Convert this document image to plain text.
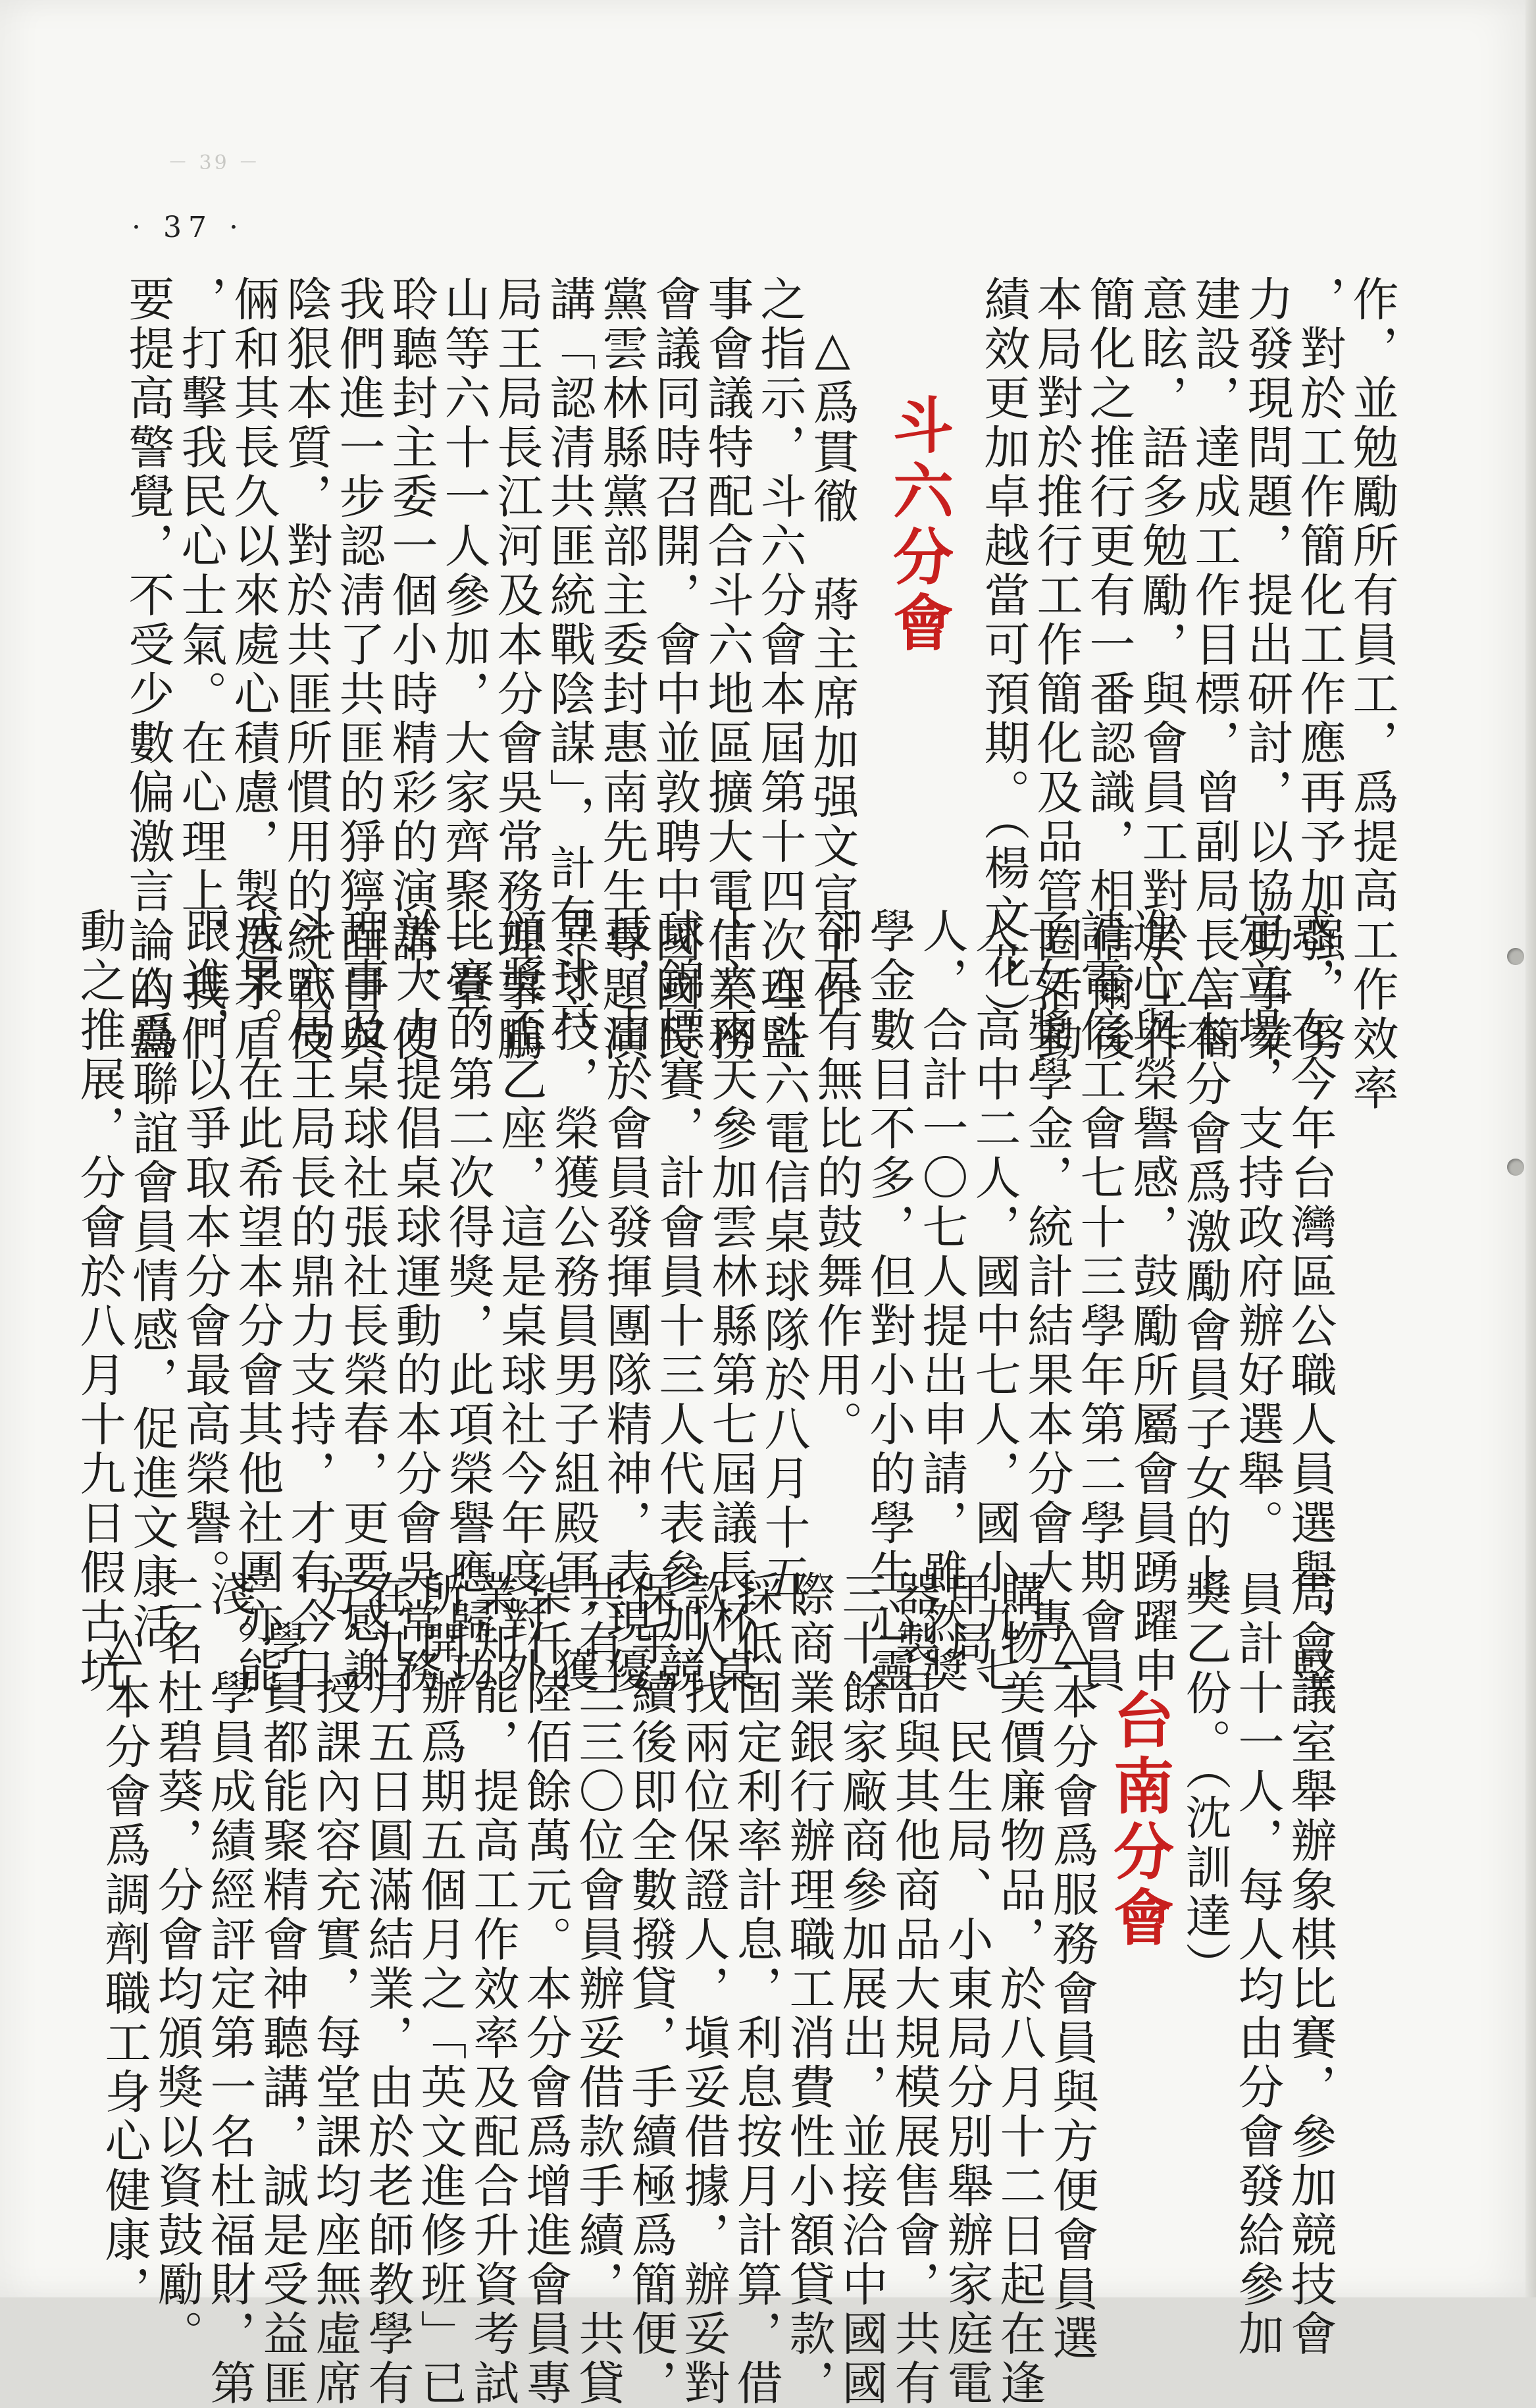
－ 39 －
· 37 ·
要提高警覺，不受少數偏激言論的蠱
，打擊我民心士氣。在心理上，我們
倆和其長久以來處心積慮，製造矛盾
陰狠本質，對於共匪所慣用的統戰伎
我們進一步認淸了共匪的猙獰面目與
聆聽封主委一個小時精彩的演講，使
山等六十一人參加，大家齊聚一堂，
局王局長江河及本分會吳常務理事鵬
講「認清共匪統戰陰謀」，計有斗六
黨雲林縣黨部主委封惠南先生專題演
會議同時召開，會中並敦聘中國國民
事會議特配合斗六地區擴大電信業務
之指示，斗六分會本屆第十四次理監
△爲貫徹　蔣主席加强文宣工作 斗六分會 績效更加卓越當可預期。（楊文花）
本局對於推行工作簡化及品管圈活動
簡化之推行更有一番認識，相信爾後
意眩，語多勉勵，與會員工對於工作
建設，達成工作目標，曾副局長言簡
力發現問題，提出研討，以協助事業
，對於工作簡化工作應再予加强，努
作，並勉勵所有員工，爲提高工作效率
動之推展，分會於八月十九日假古坑
△爲聯誼會員情感，促進文康活
跟進，以爭取本分會最高榮譽。
成果。在此希望本分會其他社團亦能
斗六局王局長的鼎力支持，才有今日
理事及桌球社張社長榮春，更要感謝
於大力提倡桌球運動的本分會吳常務
比賽的第二次得獎，此項榮譽應歸功
頒獎盃乙座，這是桌球社今年度對外
異球技，榮獲公務員男子組殿軍，獲
技，由於會員發揮團隊精神，表現優
球錦標賽，計會員十三人代表參加競
十六兩天參加雲林縣第七屆議長杯桌
△斗六電信桌球隊於八月十五、
卻具有無比的鼓舞作用。
學金數目不多，但對小小的學生心靈
人，合計一〇七人提出申請，雖然獎
人，高中二人，國中七人，國小九七
子女獎學金，統計結果本分會大專一
請電信工會七十三學年第二學期會員
進心與榮譽感，鼓勵所屬會員踴躍申
△本分會爲激勵會員子女的上
定立場，支持政府辦好選舉。
惑，在今年台灣區公職人員選舉，堅
△本分會爲調劑職工身心健康，
二名杜碧葵，分會均頒獎以資鼓勵。
淺。學員成績經評定第一名杜福財，第
，學員都能聚精會神聽講，誠是受益匪
方，授課內容充實，每堂課均座無虛席
在九月五日圓滿結業，由於老師教學有
所開辦爲期五個月之「英文進修班」已
業知能，提高工作效率及配合升資考試
柒仟陸佰餘萬元。本分會爲增進會員專
共有三三〇位會員辦妥借款手續，共貸
保手續後即全數撥貸，手續極爲簡便，
款人找兩位保證人，塡妥借據，辦妥對
採低固定利率計息，利息按月計算，借
際商業銀行辦理職工消費性小額貸款，
三十餘家廠商參加展出，並接洽中國國
器製品與其他商品大規模展售會，共有
甲局、民生局、小東局分別舉辦家庭電
購物美價廉物品，於八月十二日起在逢
△本分會爲服務會員與方便會員選 台南分會 獎乙份。（沈訓達）
員計十一人，每人均由分會發給參加
局會議室舉辦象棋比賽，參加競技會
